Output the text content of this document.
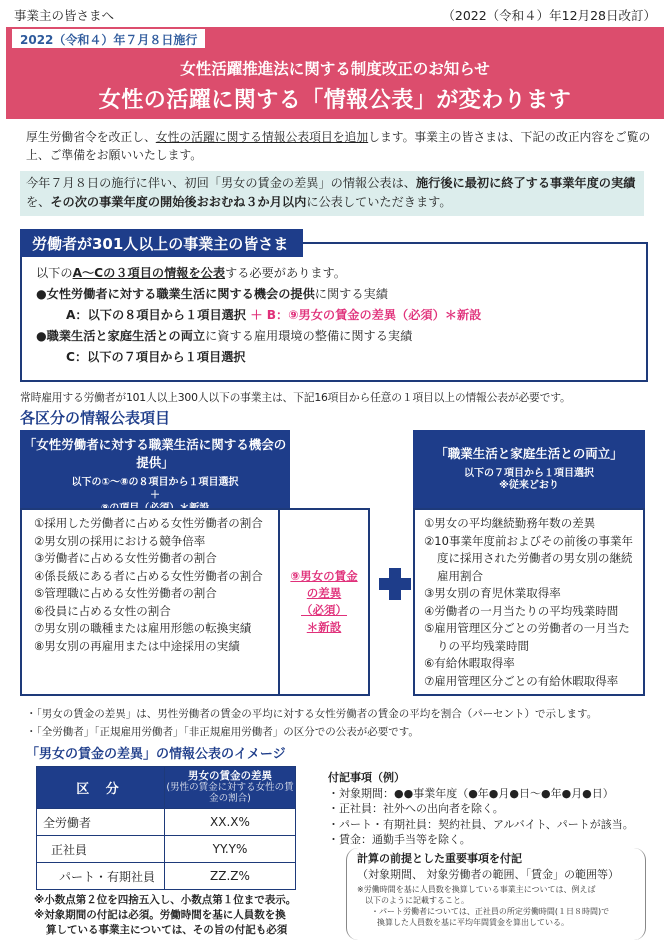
事業主の皆さまへ	（2022（令和４）年12月28日改訂）
2022（令和４）年７月８日施行
女性活躍推進法に関する制度改正のお知らせ
女性の活躍に関する「情報公表」が変わります
厚生労働省令を改正し、女性の活躍に関する情報公表項目を追加します。事業主の皆さまは、下記の改正内容をご覧の上、ご準備をお願いいたします。
今年７月８日の施行に伴い、初回「男女の賃金の差異」の情報公表は、施行後に最初に終了する事業年度の実績を、その次の事業年度の開始後おおむね３か月以内に公表していただきます。
労働者が301人以上の事業主の皆さま
以下のA～Cの３項目の情報を公表する必要があります。
●女性労働者に対する職業生活に関する機会の提供に関する実績
A：以下の８項目から１項目選択 ＋ B：⑨男女の賃金の差異（必須）＊新設
●職業生活と家庭生活との両立に資する雇用環境の整備に関する実績
C：以下の７項目から１項目選択
常時雇用する労働者が101人以上300人以下の事業主は、下記16項目から任意の１項目以上の情報公表が必要です。
各区分の情報公表項目
「女性労働者に対する職業生活に関する機会の提供」
以下の①～⑧の８項目から１項目選択
＋
⑨の項目（必須）＊新設
①採用した労働者に占める女性労働者の割合
②男女別の採用における競争倍率
③労働者に占める女性労働者の割合
④係長級にある者に占める女性労働者の割合
⑤管理職に占める女性労働者の割合
⑥役員に占める女性の割合
⑦男女別の職種または雇用形態の転換実績
⑧男女別の再雇用または中途採用の実績
⑨男女の賃金
の差異
（必須）
＊新設
「職業生活と家庭生活との両立」
以下の７項目から１項目選択
※従来どおり
①男女の平均継続勤務年数の差異
②10事業年度前およびその前後の事業年度に採用された労働者の男女別の継続雇用割合
③男女別の育児休業取得率
④労働者の一月当たりの平均残業時間
⑤雇用管理区分ごとの労働者の一月当たりの平均残業時間
⑥有給休暇取得率
⑦雇用管理区分ごとの有給休暇取得率
・「男女の賃金の差異」は、男性労働者の賃金の平均に対する女性労働者の賃金の平均を割合（パーセント）で示します。
・「全労働者」「正規雇用労働者」「非正規雇用労働者」の区分での公表が必要です。
「男女の賃金の差異」の情報公表のイメージ
区 分	男女の賃金の差異
(男性の賃金に対する女性の賃金の割合)

全労働者	XX.X%
正社員	YY.Y%
パート・有期社員	ZZ.Z%
※小数点第２位を四捨五入し、小数点第１位まで表示。
※対象期間の付記は必須。労働時間を基に人員数を換
算している事業主については、その旨の付記も必須
付記事項（例）
・対象期間：●●事業年度（●年●月●日～●年●月●日）
・正社員：社外への出向者を除く。
・パート・有期社員：契約社員、アルバイト、パートが該当。
・賃金：通勤手当等を除く。
計算の前提とした重要事項を付記
（対象期間、 対象労働者の範囲、「賃金」の範囲等）
※労働時間を基に人員数を換算している事業主については、例えば
以下のように記載すること。
・パート労働者については、正社員の所定労働時間(１日８時間)で
換算した人員数を基に平均年間賃金を算出している。
